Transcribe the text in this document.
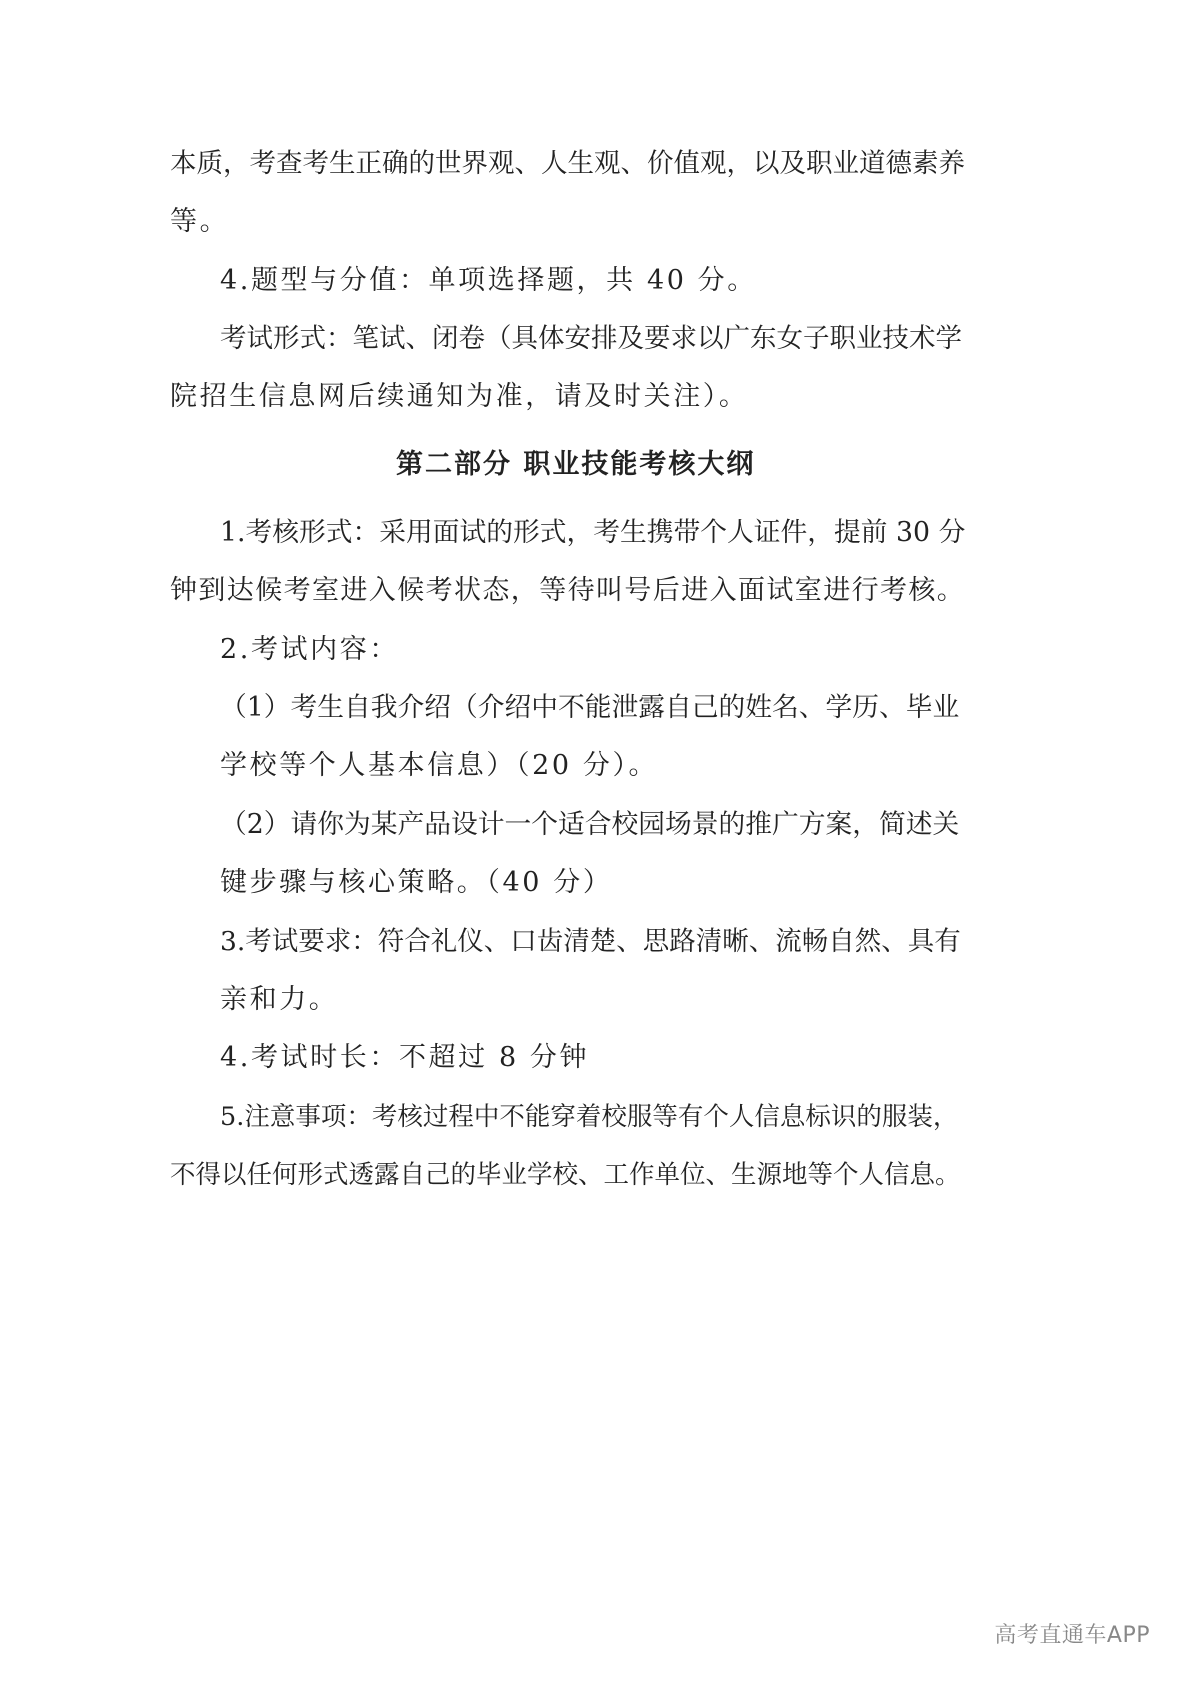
本质，考查考生正确的世界观、人生观、价值观，以及职业道德素养
等。
4.题型与分值：单项选择题，共 40 分。
考试形式：笔试、闭卷（具体安排及要求以广东女子职业技术学
院招生信息网后续通知为准，请及时关注）。
第二部分 职业技能考核大纲
1.考核形式：采用面试的形式，考生携带个人证件，提前 30 分
钟到达候考室进入候考状态，等待叫号后进入面试室进行考核。
2.考试内容：
（1）考生自我介绍（介绍中不能泄露自己的姓名、学历、毕业
学校等个人基本信息）（20 分）。
（2）请你为某产品设计一个适合校园场景的推广方案，简述关
键步骤与核心策略。（40 分）
3.考试要求：符合礼仪、口齿清楚、思路清晰、流畅自然、具有
亲和力。
4.考试时长：不超过 8 分钟
5.注意事项：考核过程中不能穿着校服等有个人信息标识的服装，
不得以任何形式透露自己的毕业学校、工作单位、生源地等个人信息。
高考直通车APP
